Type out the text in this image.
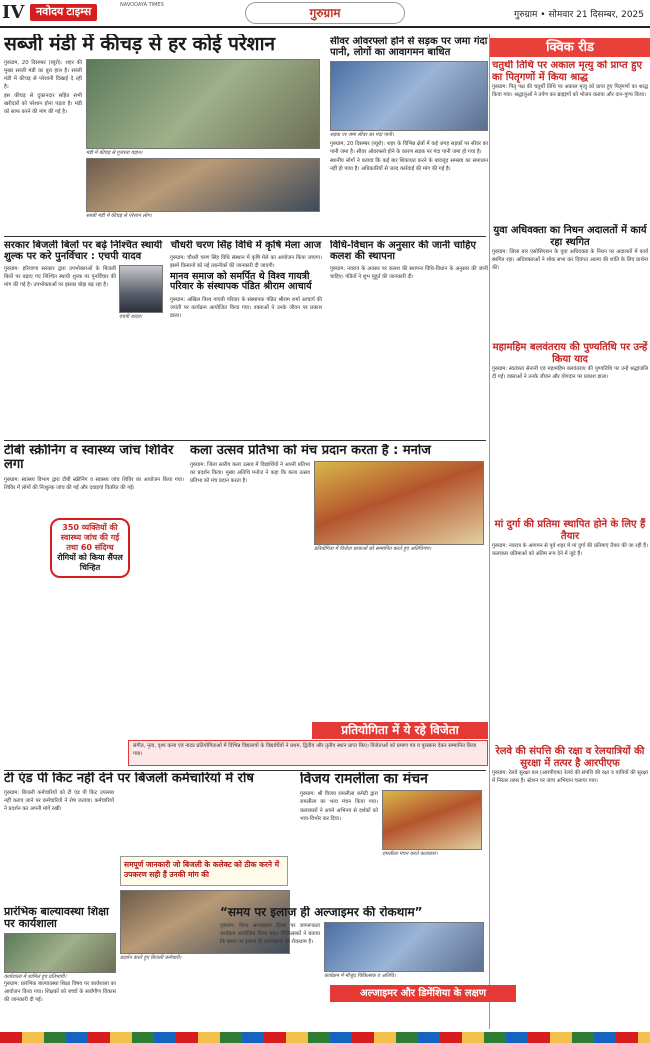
IV	नवोदय टाइम्स
NAVODAYA TIMES
गुरुग्राम	गुरुग्राम • सोमवार 21 दिसम्बर, 2025
सब्जी मंडी में कीचड़ से हर कोई परेशान

गुरुग्राम, 20 दिसम्बर (ब्यूरो): शहर की मुख्य सब्जी मंडी का बुरा हाल है। सब्जी मंडी में कीचड़ से परेशानी दिखाई दे रही है।

इस कीचड़ से दुकानदार सहित सभी खरीदारों को परेशान होना पड़ता है। मंडी को साफ करने की मांग की गई है।

मंडी में कीचड़ से गुजरता वाहन।
सब्जी मंडी में कीचड़ से परेशान लोग।
सीवर ओवरफ्लो होने से सड़क पर जमा गंदा पानी, लोगों का आवागमन बाधित
सड़क पर जमा सीवर का गंदा पानी।

गुरुग्राम, 20 दिसम्बर (ब्यूरो): शहर के विभिन्न क्षेत्रों में कई जगह सड़कों पर सीवर का पानी जमा है। सीवर ओवरफ्लो होने के कारण सड़क पर गंदा पानी जमा हो गया है।

स्थानीय लोगों ने बताया कि कई बार शिकायत करने के बावजूद समस्या का समाधान नहीं हो पाया है। अधिकारियों से जल्द कार्रवाई की मांग की गई है।

क्विक रीड
चतुर्थी तिथि पर अकाल मृत्यु को प्राप्त हुए का पितृगणों में किया श्राद्ध
गुरुग्राम: पितृ पक्ष की चतुर्थी तिथि पर अकाल मृत्यु को प्राप्त हुए पितृगणों का श्राद्ध किया गया। श्रद्धालुओं ने तर्पण कर ब्राह्मणों को भोजन कराया और दान-पुण्य किया।
युवा अधिवक्ता का निधन अदालतों में कार्य रहा स्थगित
गुरुग्राम: जिला बार एसोसिएशन के युवा अधिवक्ता के निधन पर अदालतों में कार्य स्थगित रहा। अधिवक्ताओं ने शोक सभा कर दिवंगत आत्मा की शांति के लिए प्रार्थना की।
महामहिम बलवंतराय की पुण्यतिथि पर उन्हें किया याद
गुरुग्राम: स्वतंत्रता सेनानी एवं महामहिम बलवंतराय की पुण्यतिथि पर उन्हें श्रद्धांजलि दी गई। वक्ताओं ने उनके जीवन और योगदान पर प्रकाश डाला।
मां दुर्गा की प्रतिमा स्थापित होने के लिए हैं तैयार
गुरुग्राम: नवरात्र के आगमन से पूर्व शहर में मां दुर्गा की प्रतिमाएं तैयार की जा रही हैं। कलाकार प्रतिमाओं को अंतिम रूप देने में जुटे हैं।
रेलवे की संपत्ति की रक्षा व रेलयात्रियों की सुरक्षा में तत्पर है आरपीएफ
गुरुग्राम: रेलवे सुरक्षा बल (आरपीएफ) रेलवे की संपत्ति की रक्षा व यात्रियों की सुरक्षा में निरंतर तत्पर है। स्टेशन पर जांच अभियान चलाया गया।
सरकार बिजली बिलों पर बढ़े निश्चित स्थायी शुल्क पर करे पुनर्विचार : एचपी यादव
गुरुग्राम: हरियाणा सरकार द्वारा उपभोक्ताओं के बिजली बिलों पर बढ़ाए गए निश्चित स्थायी शुल्क पर पुनर्विचार की मांग की गई है। उपभोक्ताओं पर इसका बोझ बढ़ रहा है।
एचपी यादव।
चौधरी चरण सिंह विधि में कृषि मेला आज
गुरुग्राम: चौधरी चरण सिंह विधि संस्थान में कृषि मेले का आयोजन किया जाएगा। इसमें किसानों को नई तकनीकों की जानकारी दी जाएगी।
मानव समाज को समर्पित थे विश्व गायत्री परिवार के संस्थापक पंडित श्रीराम आचार्य
गुरुग्राम: अखिल विश्व गायत्री परिवार के संस्थापक पंडित श्रीराम शर्मा आचार्य की जयंती पर कार्यक्रम आयोजित किया गया। वक्ताओं ने उनके जीवन पर प्रकाश डाला।
विधि-विधान के अनुसार की जानी चाहिए कलश की स्थापना
गुरुग्राम: नवरात्र के अवसर पर कलश की स्थापना विधि-विधान के अनुसार की जानी चाहिए। पंडितों ने शुभ मुहूर्त की जानकारी दी।
टीबी स्क्रीनिंग व स्वास्थ्य जांच शिविर लगा
गुरुग्राम: स्वास्थ्य विभाग द्वारा टीबी स्क्रीनिंग व स्वास्थ्य जांच शिविर का आयोजन किया गया। शिविर में लोगों की निःशुल्क जांच की गई और दवाइयां वितरित की गईं।
350 व्यक्तियों की स्वास्थ्य जांच की गई तथा 60 संदिग्ध
रोगियों को किया सैंपल चिन्हित
कला उत्सव प्रतिभा को मंच प्रदान करता है : मनोज
गुरुग्राम: जिला स्तरीय कला उत्सव में विद्यार्थियों ने अपनी प्रतिभा का प्रदर्शन किया। मुख्य अतिथि मनोज ने कहा कि कला उत्सव प्रतिभा को मंच प्रदान करता है।
प्रतियोगिता में विजेता छात्राओं को सम्मानित करते हुए अतिथिगण।
प्रतियोगिता में ये रहे विजेता
संगीत, नृत्य, दृश्य कला एवं नाट्य प्रतियोगिताओं में विभिन्न विद्यालयों के विद्यार्थियों ने प्रथम, द्वितीय और तृतीय स्थान प्राप्त किए। विजेताओं को प्रमाण पत्र व पुरस्कार देकर सम्मानित किया गया।
टी एंड पी किट नहीं देने पर बिजली कर्मचारियों में रोष
गुरुग्राम: बिजली कर्मचारियों को टी एंड पी किट उपलब्ध नहीं कराए जाने पर कर्मचारियों ने रोष जताया। कर्मचारियों ने प्रदर्शन कर अपनी मांगें रखीं।
समपूर्ण जानकारी जो बिजली के कलेक्ट को ठीक करने में उपकरण सही हैं उनकी मांग की
प्रदर्शन करते हुए बिजली कर्मचारी।
विजय रामलीला का मंचन
गुरुग्राम: श्री विजय रामलीला कमेटी द्वारा रामलीला का भव्य मंचन किया गया। कलाकारों ने अपने अभिनय से दर्शकों को भाव-विभोर कर दिया।
रामलीला मंचन करते कलाकार।
प्रारंभिक बाल्यावस्था शिक्षा पर कार्यशाला
कार्यशाला में शामिल हुए प्रतिभागी।
गुरुग्राम: प्रारंभिक बाल्यावस्था शिक्षा विषय पर कार्यशाला का आयोजन किया गया। शिक्षकों को बच्चों के सर्वांगीण विकास की जानकारी दी गई।
“समय पर इलाज ही अल्जाइमर की रोकथाम”
गुरुग्राम: विश्व अल्जाइमर दिवस पर जागरूकता कार्यक्रम आयोजित किया गया। चिकित्सकों ने बताया कि समय पर इलाज ही अल्जाइमर की रोकथाम है।
कार्यक्रम में मौजूद चिकित्सक व अतिथि।
अल्जाइमर और डिमेंशिया के लक्षण
